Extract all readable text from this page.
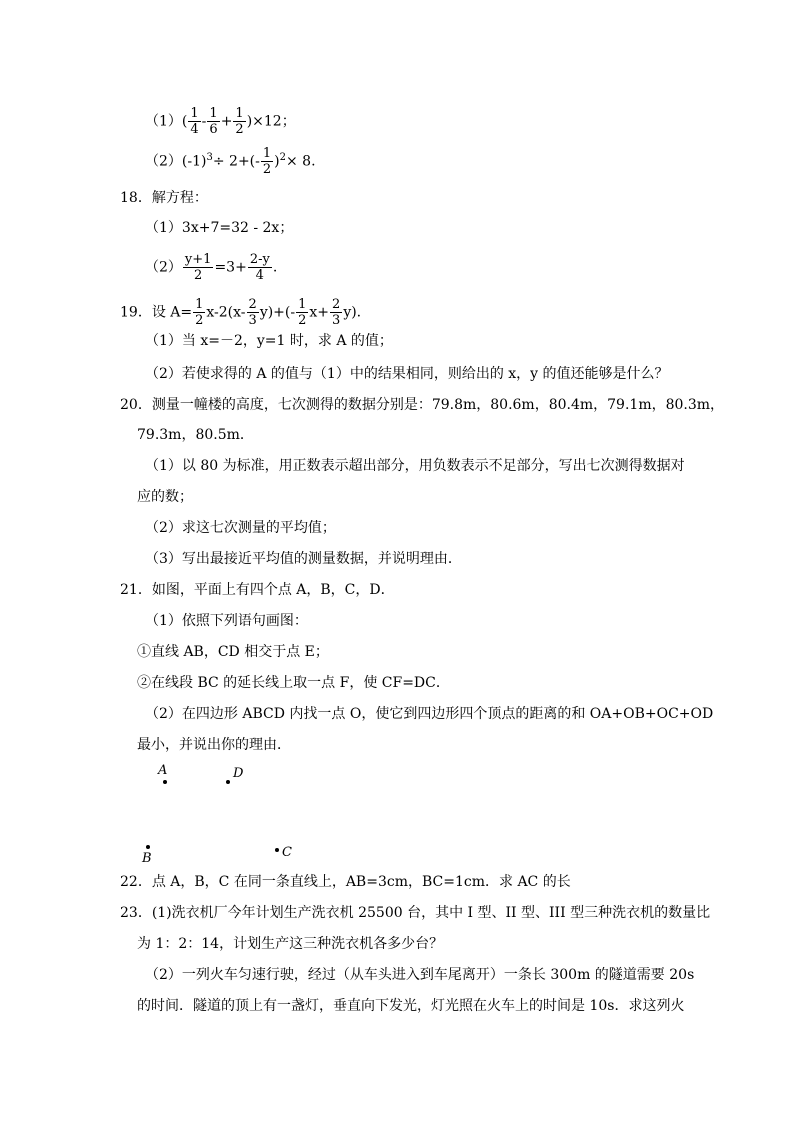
$(1)( \frac{1}{4} - \frac{1}{6} + \frac{1}{2} )\times 12$；
$(2)(-1)^3\div 2+(- \frac{1}{2} )^2\times 8$.
18．解方程：
（1）3x+7=32 - 2x；
$(2) \frac{y+1}{2} =3+ \frac{2-y}{4}$ .
19．设 $A= \frac{1}{2} x-2(x- \frac{2}{3} y)+(- \frac{1}{2} x+ \frac{2}{3} y)$.
（1）当 x=－2，y=1 时，求 A 的值；
（2）若使求得的 A 的值与（1）中的结果相同，则给出的 x，y 的值还能够是什么？
20．测量一幢楼的高度，七次测得的数据分别是：79.8m，80.6m，80.4m，79.1m，80.3m，
79.3m，80.5m．
（1）以 80 为标准，用正数表示超出部分，用负数表示不足部分，写出七次测得数据对
应的数；
（2）求这七次测量的平均值；
（3）写出最接近平均值的测量数据，并说明理由．
21．如图，平面上有四个点 A，B，C，D．
（1）依照下列语句画图：
①直线 AB，CD 相交于点 E；
②在线段 BC 的延长线上取一点 F，使 CF=DC．
（2）在四边形 ABCD 内找一点 O，使它到四边形四个顶点的距离的和 OA+OB+OC+OD
最小，并说出你的理由．
A	D
B	C
22．点 A，B，C 在同一条直线上，AB=3cm，BC=1cm．求 AC 的长
23．(1)洗衣机厂今年计划生产洗衣机 25500 台，其中 I 型、II 型、III 型三种洗衣机的数量比
为 1：2：14，计划生产这三种洗衣机各多少台？
（2）一列火车匀速行驶，经过（从车头进入到车尾离开）一条长 300m 的隧道需要 20s
的时间．隧道的顶上有一盏灯，垂直向下发光，灯光照在火车上的时间是 10s．求这列火
